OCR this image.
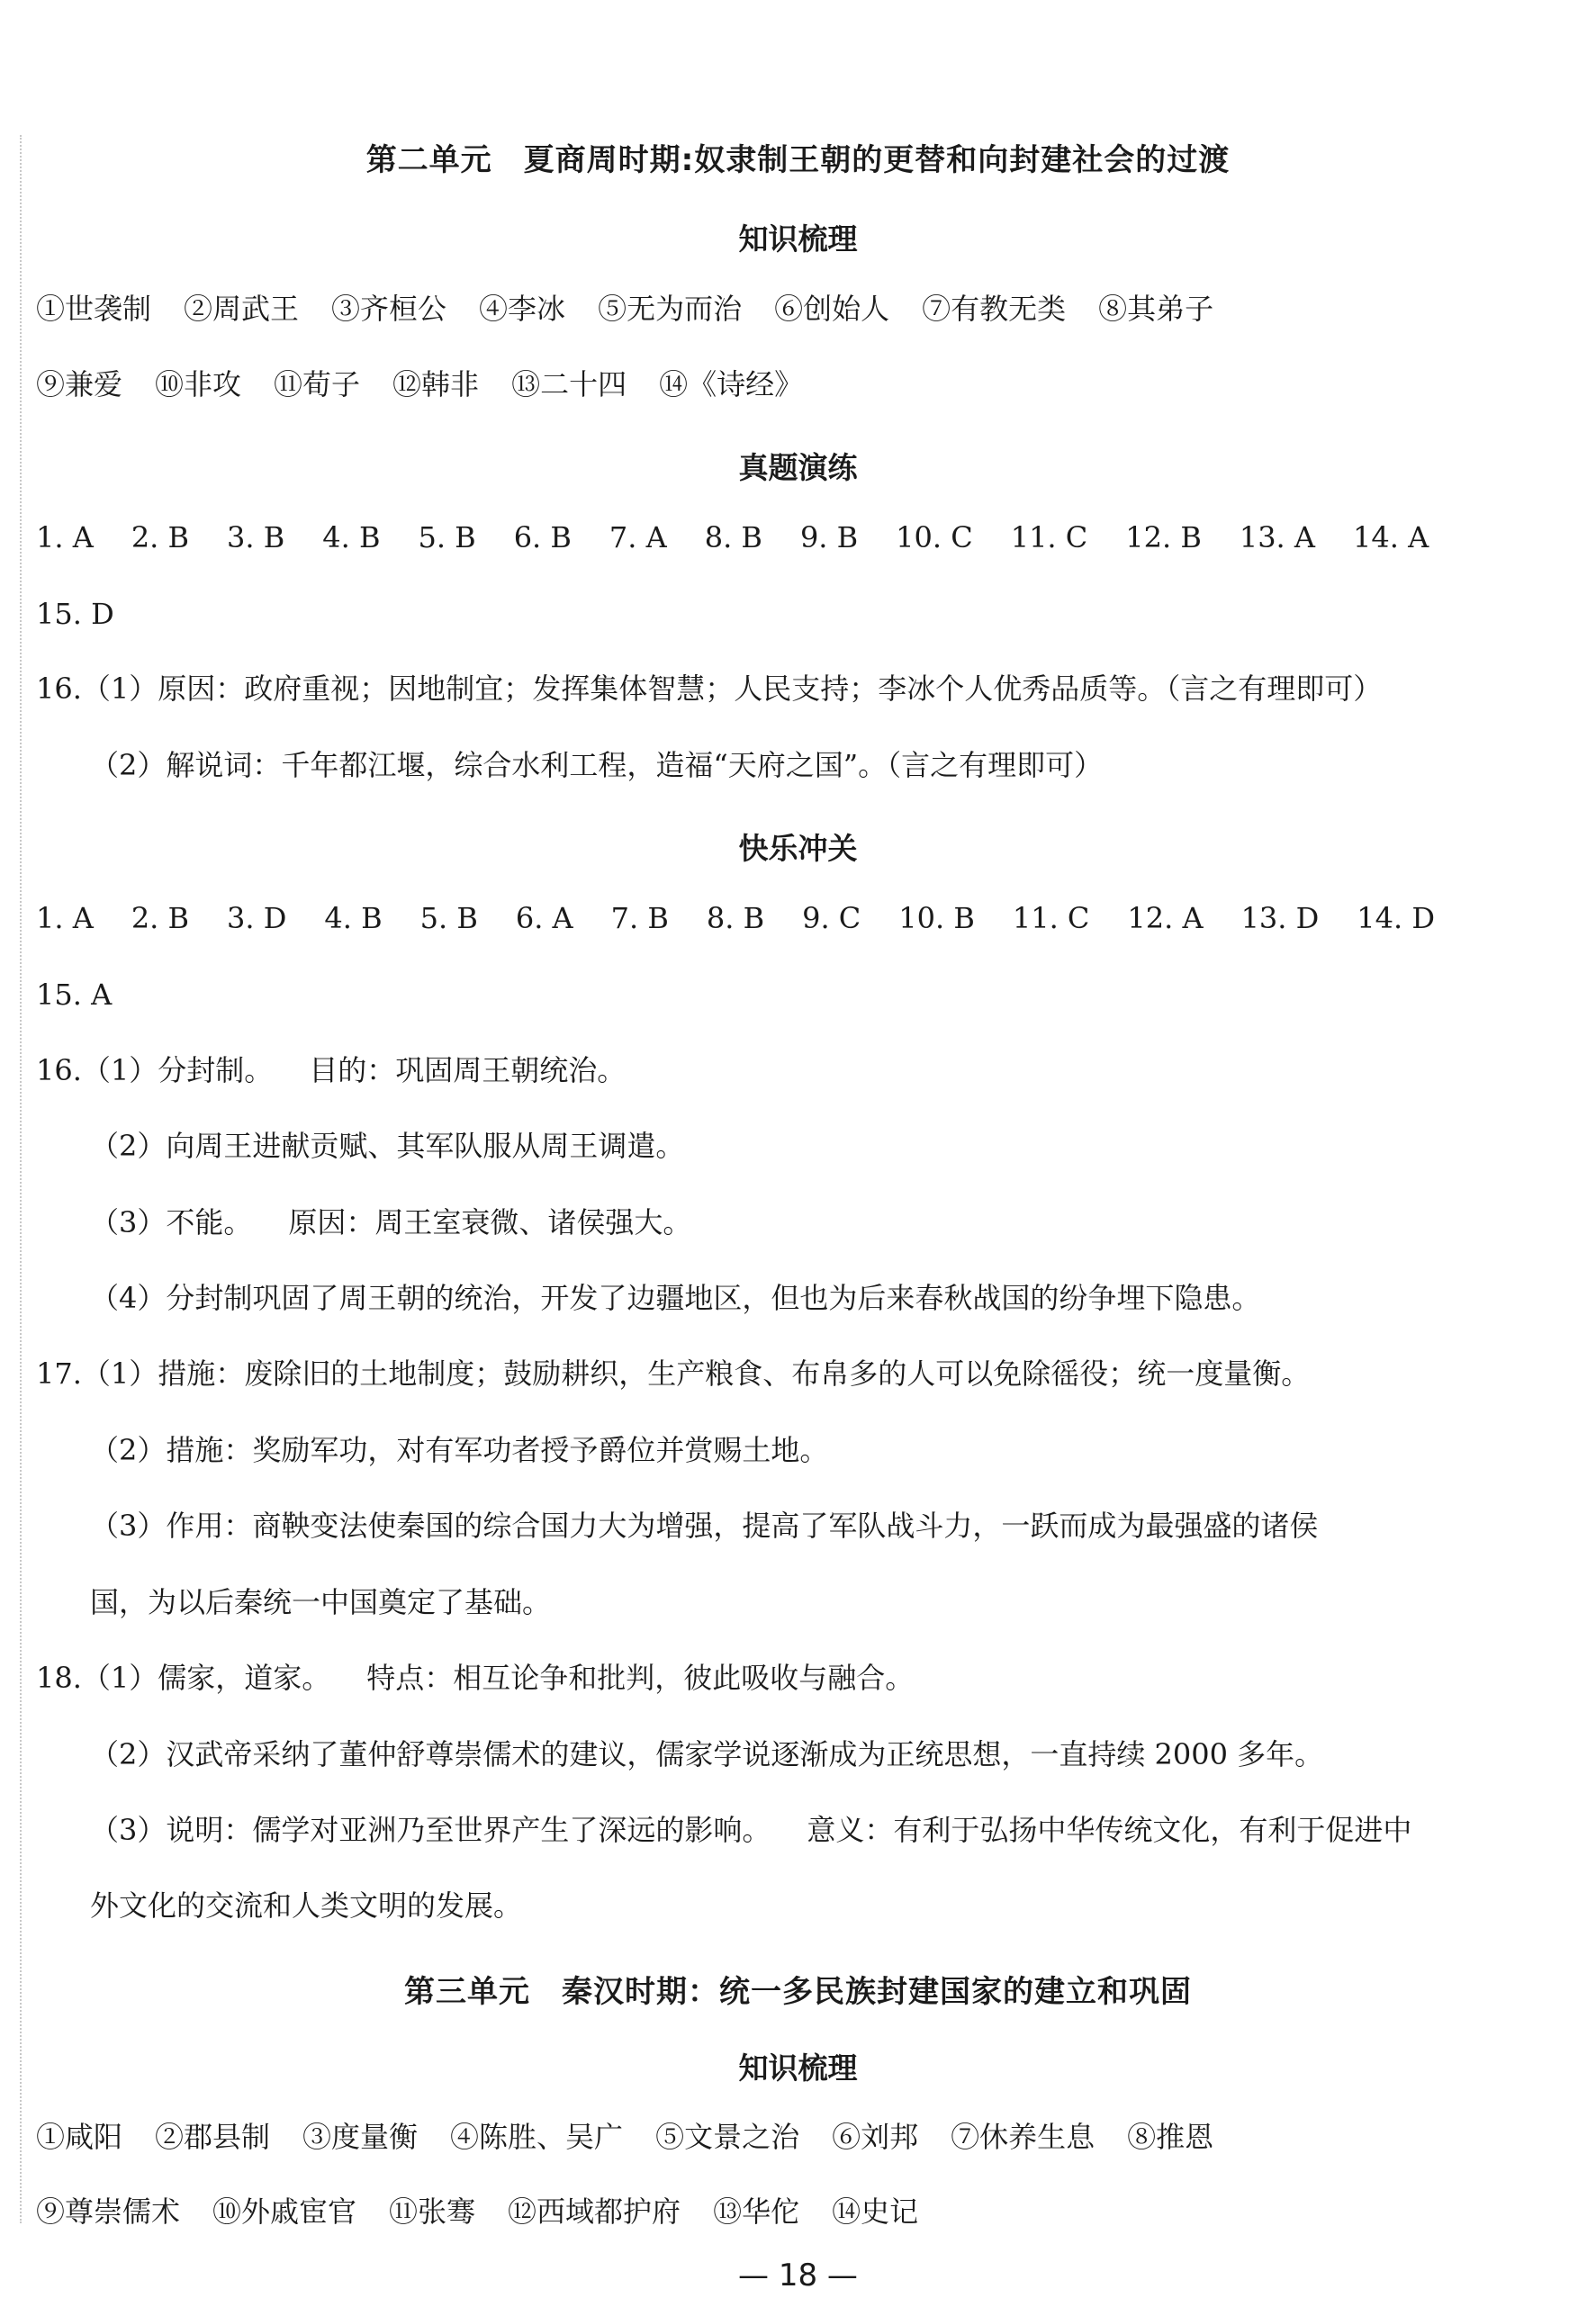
第二单元　夏商周时期:奴隶制王朝的更替和向封建社会的过渡
知识梳理
①世袭制 ②周武王 ③齐桓公 ④李冰 ⑤无为而治 ⑥创始人 ⑦有教无类 ⑧其弟子
⑨兼爱 ⑩非攻 ⑪荀子 ⑫韩非 ⑬二十四 ⑭《诗经》
真题演练
1. A 2. B 3. B 4. B 5. B 6. B 7. A 8. B 9. B 10. C 11. C 12. B 13. A 14. A
15. D
16.（1）原因：政府重视；因地制宜；发挥集体智慧；人民支持；李冰个人优秀品质等。（言之有理即可）
（2）解说词：千年都江堰，综合水利工程，造福“天府之国”。（言之有理即可）
快乐冲关
1. A 2. B 3. D 4. B 5. B 6. A 7. B 8. B 9. C 10. B 11. C 12. A 13. D 14. D
15. A
16.（1）分封制。 目的：巩固周王朝统治。
（2）向周王进献贡赋、其军队服从周王调遣。
（3）不能。 原因：周王室衰微、诸侯强大。
（4）分封制巩固了周王朝的统治，开发了边疆地区，但也为后来春秋战国的纷争埋下隐患。
17.（1）措施：废除旧的土地制度；鼓励耕织，生产粮食、布帛多的人可以免除徭役；统一度量衡。
（2）措施：奖励军功，对有军功者授予爵位并赏赐土地。
（3）作用：商鞅变法使秦国的综合国力大为增强，提高了军队战斗力，一跃而成为最强盛的诸侯
国，为以后秦统一中国奠定了基础。
18.（1）儒家，道家。 特点：相互论争和批判，彼此吸收与融合。
（2）汉武帝采纳了董仲舒尊崇儒术的建议，儒家学说逐渐成为正统思想，一直持续 2000 多年。
（3）说明：儒学对亚洲乃至世界产生了深远的影响。 意义：有利于弘扬中华传统文化，有利于促进中
外文化的交流和人类文明的发展。
第三单元　秦汉时期：统一多民族封建国家的建立和巩固
知识梳理
①咸阳 ②郡县制 ③度量衡 ④陈胜、吴广 ⑤文景之治 ⑥刘邦 ⑦休养生息 ⑧推恩
⑨尊崇儒术 ⑩外戚宦官 ⑪张骞 ⑫西域都护府 ⑬华佗 ⑭史记
— 18 —
